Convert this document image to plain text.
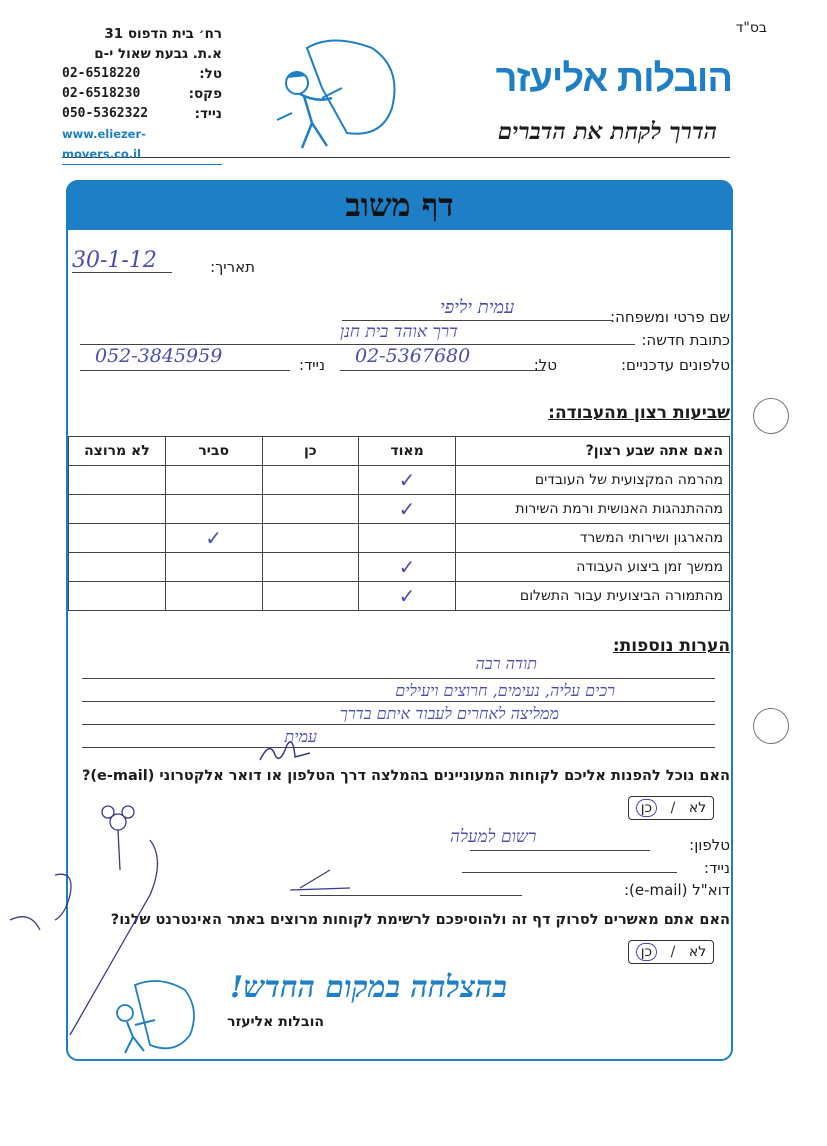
בס"ד
הובלות אליעזר
הדרך לקחת את הדברים
רח׳ בית הדפוס 31
א.ת. גבעת שאול י-ם
טל:
02-6518220
פקס:
02-6518230
נייד:
050-5362322
www.eliezer-movers.co.il
דף משוב
תאריך:
30-1-12
שם פרטי ומשפחה:
עמית יליפי
כתובת חדשה:
דרך אוהד בית חנן
טלפונים עדכניים:
טל:
02-5367680
נייד:
052-3845959
שביעות רצון מהעבודה:
האם אתה שבע רצון?	מאוד	כן	סביר	לא מרוצה
מהרמה המקצועית של העובדים	✓			
מההתנהגות האנושית ורמת השירות	✓			
מהארגון ושירותי המשרד			✓	
ממשך זמן ביצוע העבודה	✓			
מהתמורה הביצועית עבור התשלום	✓			
הערות נוספות:
תודה רבה
רכים עליה, נעימים, חרוצים ויעילים
ממליצה לאחרים לעבוד איתם בדרך
עמית
האם נוכל להפנות אליכם לקוחות המעוניינים בהמלצה דרך הטלפון או דואר אלקטרוני (e-mail)?
לא
/
כן
טלפון:
רשום למעלה
נייד:
דוא"ל (e-mail):
האם אתם מאשרים לסרוק דף זה ולהוסיפכם לרשימת לקוחות מרוצים באתר האינטרנט שלנו?
לא
/
כן
בהצלחה במקום החדש!
הובלות אליעזר
